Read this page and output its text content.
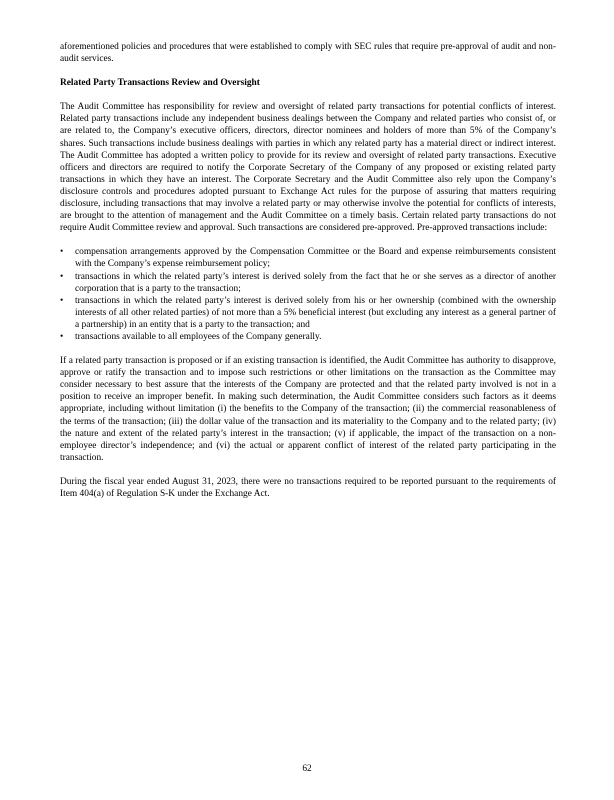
aforementioned policies and procedures that were established to comply with SEC rules that require pre-approval of audit and non-audit services.

Related Party Transactions Review and Oversight

The Audit Committee has responsibility for review and oversight of related party transactions for potential conflicts of interest. Related party transactions include any independent business dealings between the Company and related parties who consist of, or are related to, the Company’s executive officers, directors, director nominees and holders of more than 5% of the Company’s shares. Such transactions include business dealings with parties in which any related party has a material direct or indirect interest. The Audit Committee has adopted a written policy to provide for its review and oversight of related party transactions. Executive officers and directors are required to notify the Corporate Secretary of the Company of any proposed or existing related party transactions in which they have an interest. The Corporate Secretary and the Audit Committee also rely upon the Company’s disclosure controls and procedures adopted pursuant to Exchange Act rules for the purpose of assuring that matters requiring disclosure, including transactions that may involve a related party or may otherwise involve the potential for conflicts of interests, are brought to the attention of management and the Audit Committee on a timely basis. Certain related party transactions do not require Audit Committee review and approval. Such transactions are considered pre-approved. Pre-approved transactions include:

• compensation arrangements approved by the Compensation Committee or the Board and expense reimbursements consistent with the Company’s expense reimbursement policy;
• transactions in which the related party’s interest is derived solely from the fact that he or she serves as a director of another corporation that is a party to the transaction;
• transactions in which the related party’s interest is derived solely from his or her ownership (combined with the ownership interests of all other related parties) of not more than a 5% beneficial interest (but excluding any interest as a general partner of a partnership) in an entity that is a party to the transaction; and
• transactions available to all employees of the Company generally.

If a related party transaction is proposed or if an existing transaction is identified, the Audit Committee has authority to disapprove, approve or ratify the transaction and to impose such restrictions or other limitations on the transaction as the Committee may consider necessary to best assure that the interests of the Company are protected and that the related party involved is not in a position to receive an improper benefit. In making such determination, the Audit Committee considers such factors as it deems appropriate, including without limitation (i) the benefits to the Company of the transaction; (ii) the commercial reasonableness of the terms of the transaction; (iii) the dollar value of the transaction and its materiality to the Company and to the related party; (iv) the nature and extent of the related party’s interest in the transaction; (v) if applicable, the impact of the transaction on a non-employee director’s independence; and (vi) the actual or apparent conflict of interest of the related party participating in the transaction.

During the fiscal year ended August 31, 2023, there were no transactions required to be reported pursuant to the requirements of Item 404(a) of Regulation S-K under the Exchange Act.

62
